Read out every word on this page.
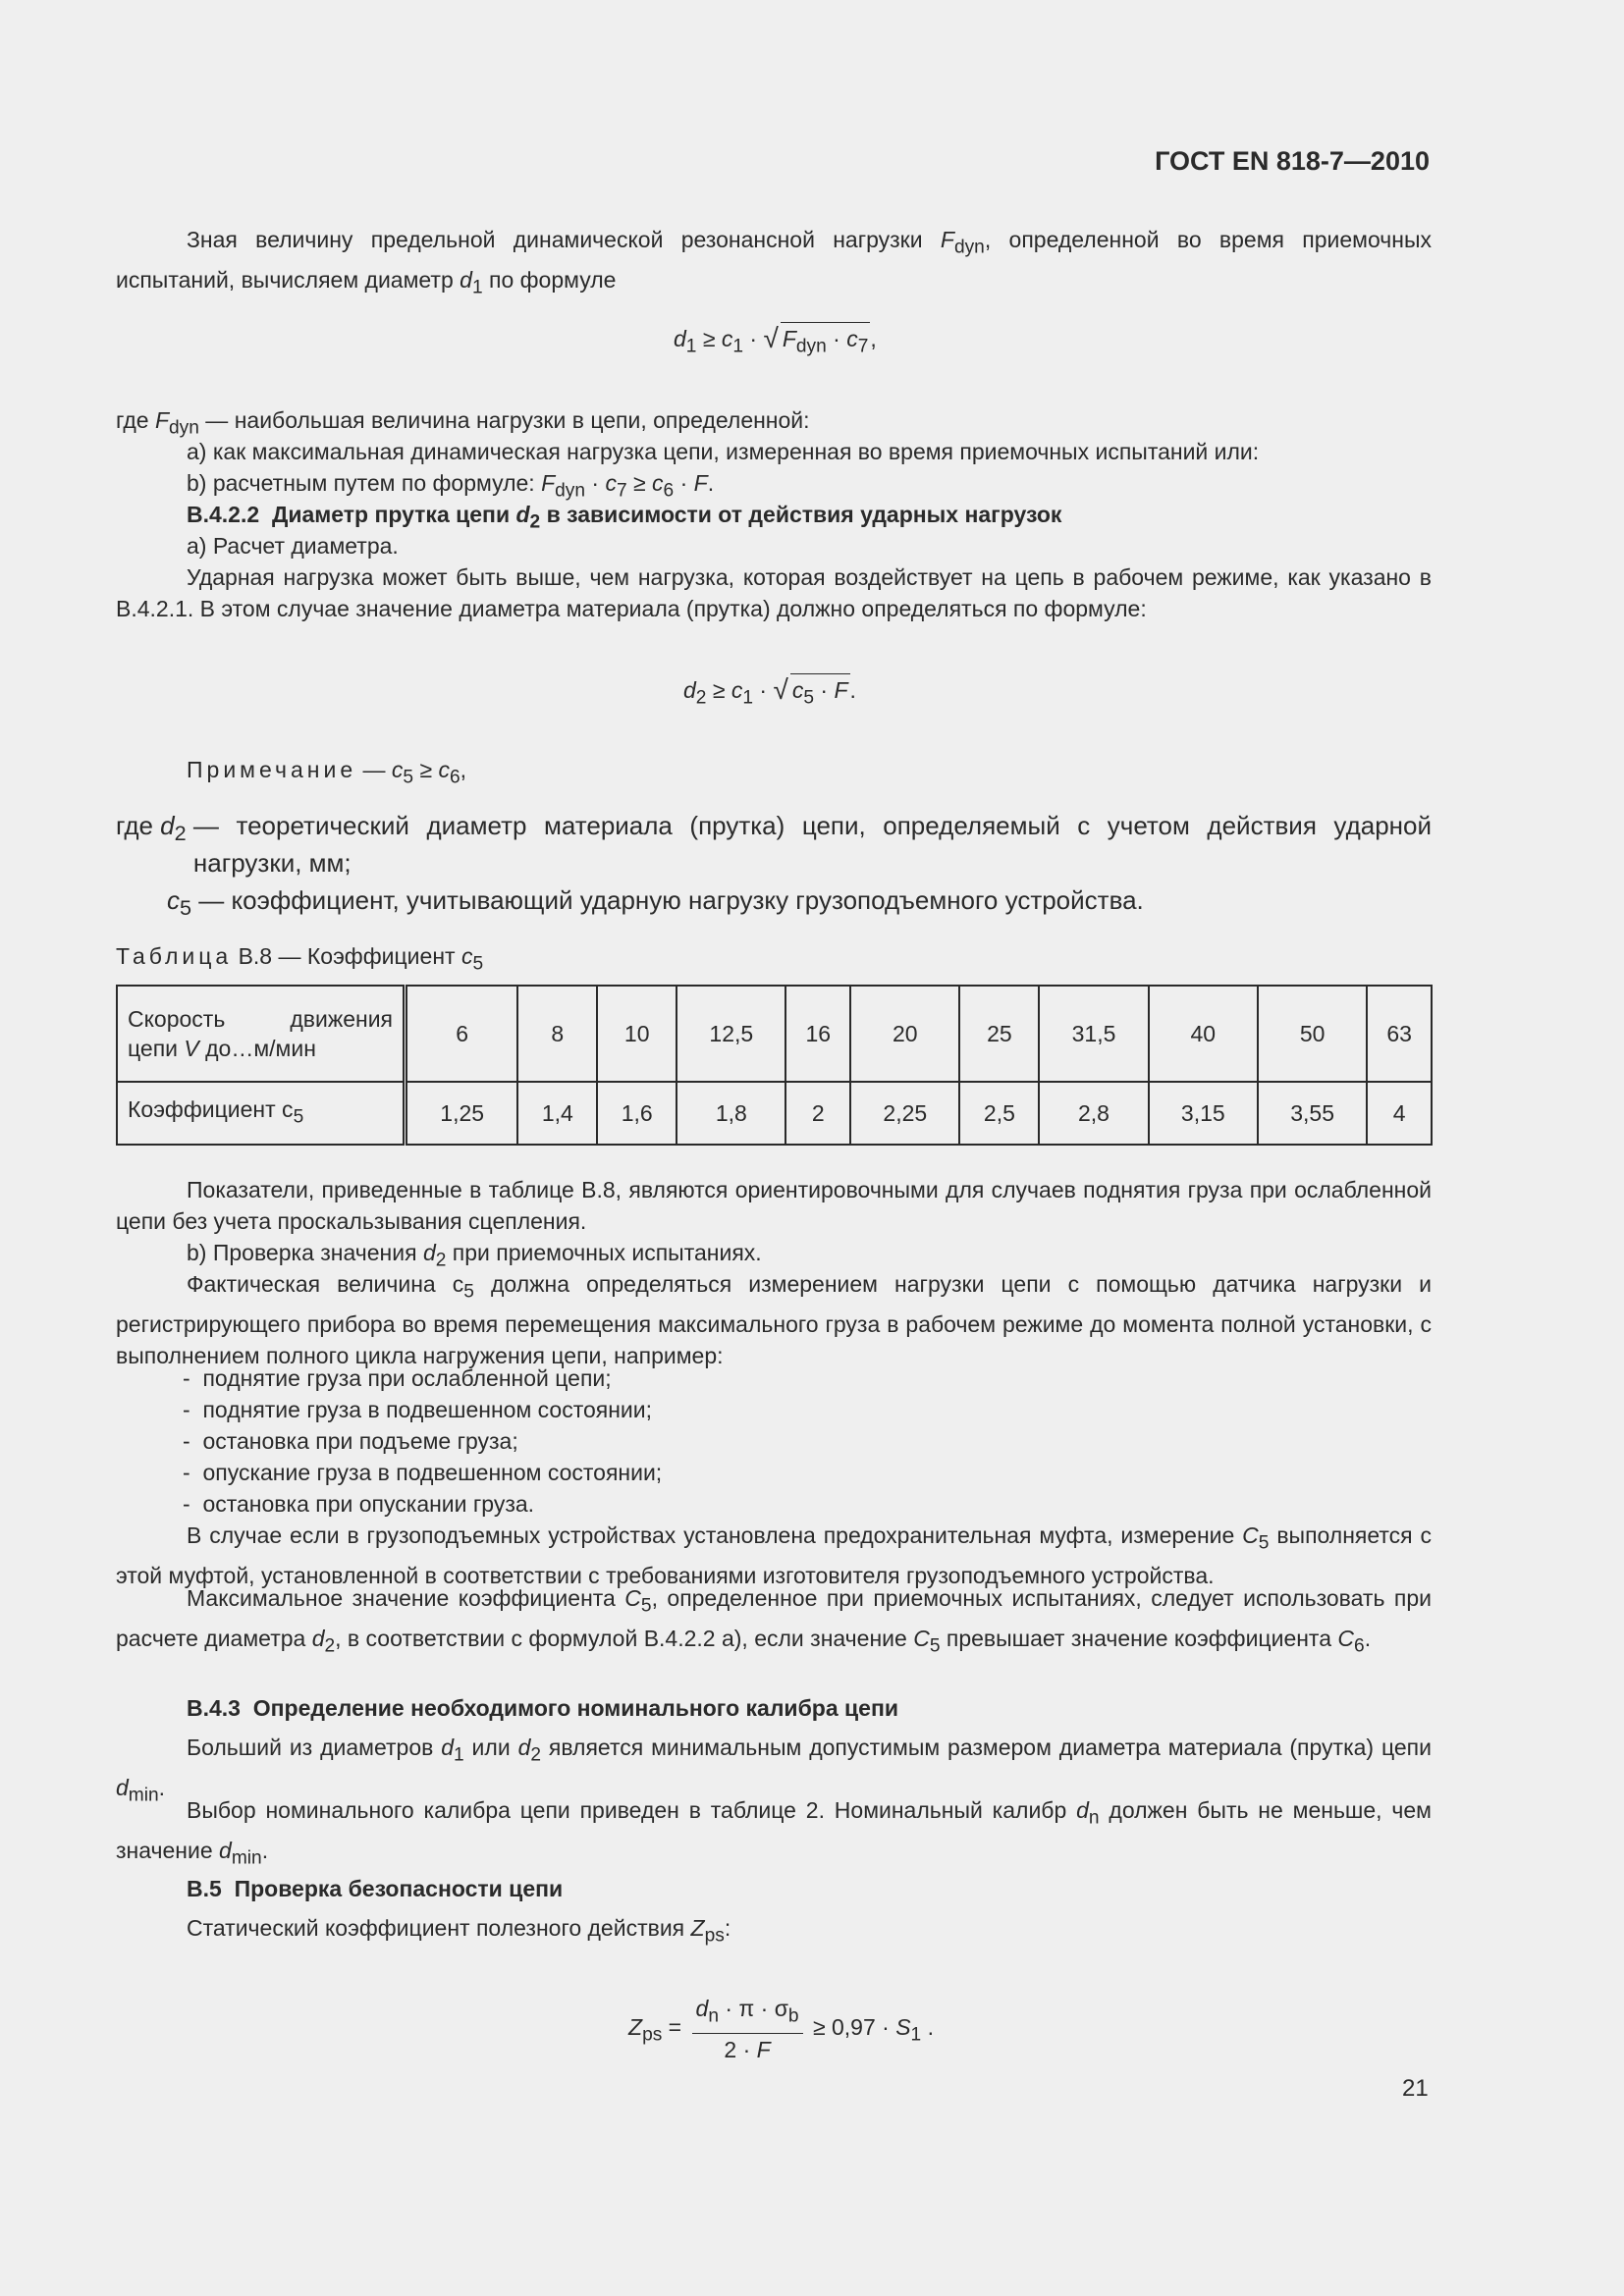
ГОСТ EN 818-7—2010
Зная величину предельной динамической резонансной нагрузки $F_{dyn}$, определенной во время приемочных испытаний, вычисляем диаметр $d_1$ по формуле
$d_1 \ge c_1$ · √ $F_{dyn} \cdot c_7$,
где $F_{dyn}$ — наибольшая величина нагрузки в цепи, определенной:
a) как максимальная динамическая нагрузка цепи, измеренная во время приемочных испытаний или:
b) расчетным путем по формуле: $F_{dyn} \cdot c_7 \ge c_6 \cdot F$.
B.4.2.2 Диаметр прутка цепи $d_2$ в зависимости от действия ударных нагрузок
a) Расчет диаметра.
Ударная нагрузка может быть выше, чем нагрузка, которая воздействует на цепь в рабочем режиме, как указано в B.4.2.1. В этом случае значение диаметра материала (прутка) должно определяться по формуле:
$d_2 \ge c_1$ · √ $c_5 \cdot F$.
Примечание — $c_5 \ge c_6$,
где $d_2$ — теоретический диаметр материала (прутка) цепи, определяемый с учетом действия ударной нагрузки, мм;
$c_5$ — коэффициент, учитывающий ударную нагрузку грузоподъемного устройства.
Таблица В.8 — Коэффициент $c_5$
Скорость движения
цепи V до…м/мин	6	8	10	12,5	16	20	25	31,5	40	50	63
Коэффициент $c_5$	1,25	1,4	1,6	1,8	2	2,25	2,5	2,8	3,15	3,55	4
Показатели, приведенные в таблице B.8, являются ориентировочными для случаев поднятия груза при ослабленной цепи без учета проскальзывания сцепления.
b) Проверка значения $d_2$ при приемочных испытаниях.
Фактическая величина $c_5$ должна определяться измерением нагрузки цепи с помощью датчика нагрузки и регистрирующего прибора во время перемещения максимального груза в рабочем режиме до момента полной установки, с выполнением полного цикла нагружения цепи, например:
-  поднятие груза при ослабленной цепи;
-  поднятие груза в подвешенном состоянии;
-  остановка при подъеме груза;
-  опускание груза в подвешенном состоянии;
-  остановка при опускании груза.
В случае если в грузоподъемных устройствах установлена предохранительная муфта, измерение $C_5$ выполняется с этой муфтой, установленной в соответствии с требованиями изготовителя грузоподъемного устройства.
Максимальное значение коэффициента $C_5$, определенное при приемочных испытаниях, следует использовать при расчете диаметра $d_2$, в соответствии с формулой B.4.2.2 a), если значение $C_5$ превышает значение коэффициента $C_6$.
B.4.3 Определение необходимого номинального калибра цепи
Больший из диаметров $d_1$ или $d_2$ является минимальным допустимым размером диаметра материала (прутка) цепи $d_{min}$.
Выбор номинального калибра цепи приведен в таблице 2. Номинальный калибр $d_n$ должен быть не меньше, чем значение $d_{min}$.
B.5 Проверка безопасности цепи
Статический коэффициент полезного действия $Z_{ps}$:
$Z_{ps} = \frac{d_n \cdot \pi \cdot \sigma_b}{2 \cdot F} \ge 0,97 \cdot S_1$ .
21
